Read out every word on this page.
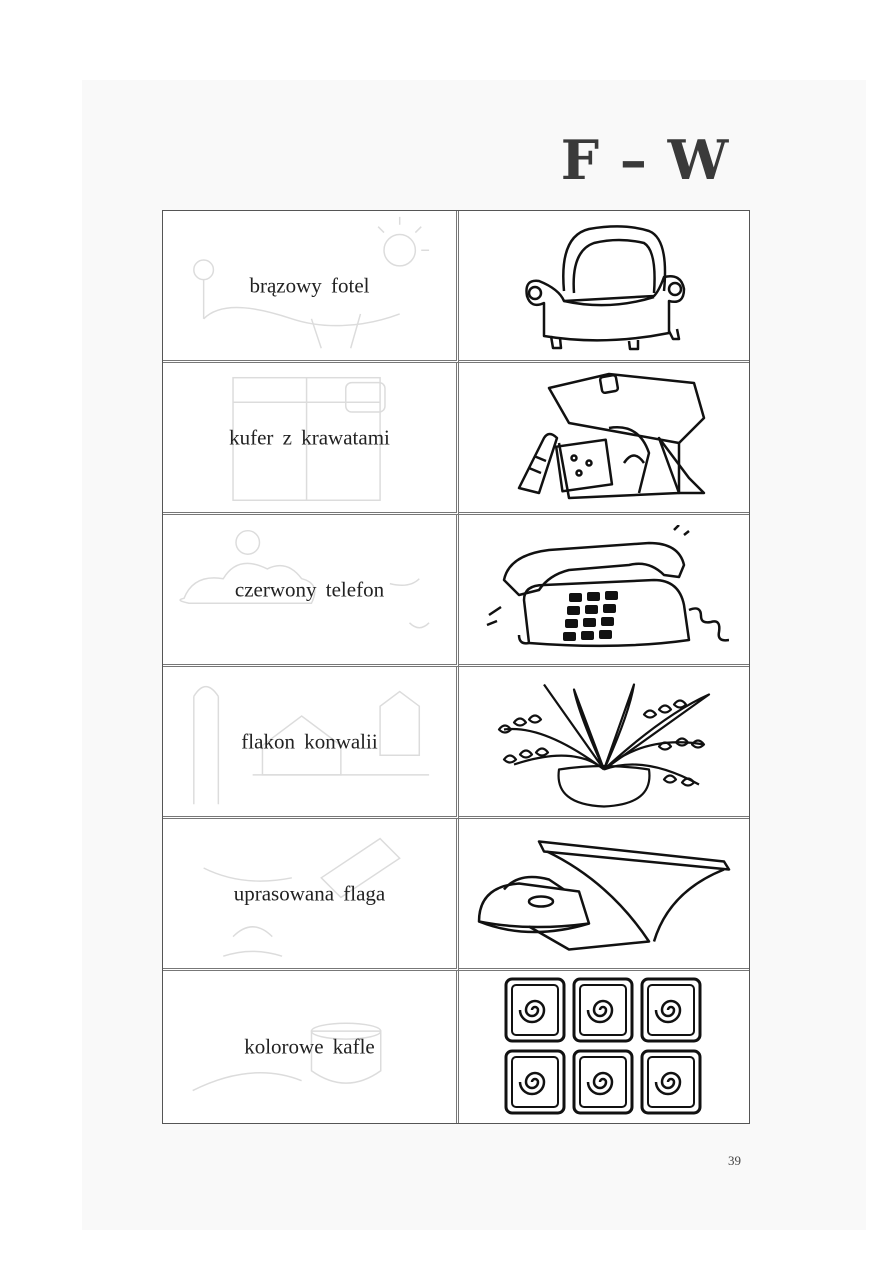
F – W
brązowy fotel
kufer z krawatami
czerwony telefon
flakon konwalii
uprasowana flaga
kolorowe kafle
39
